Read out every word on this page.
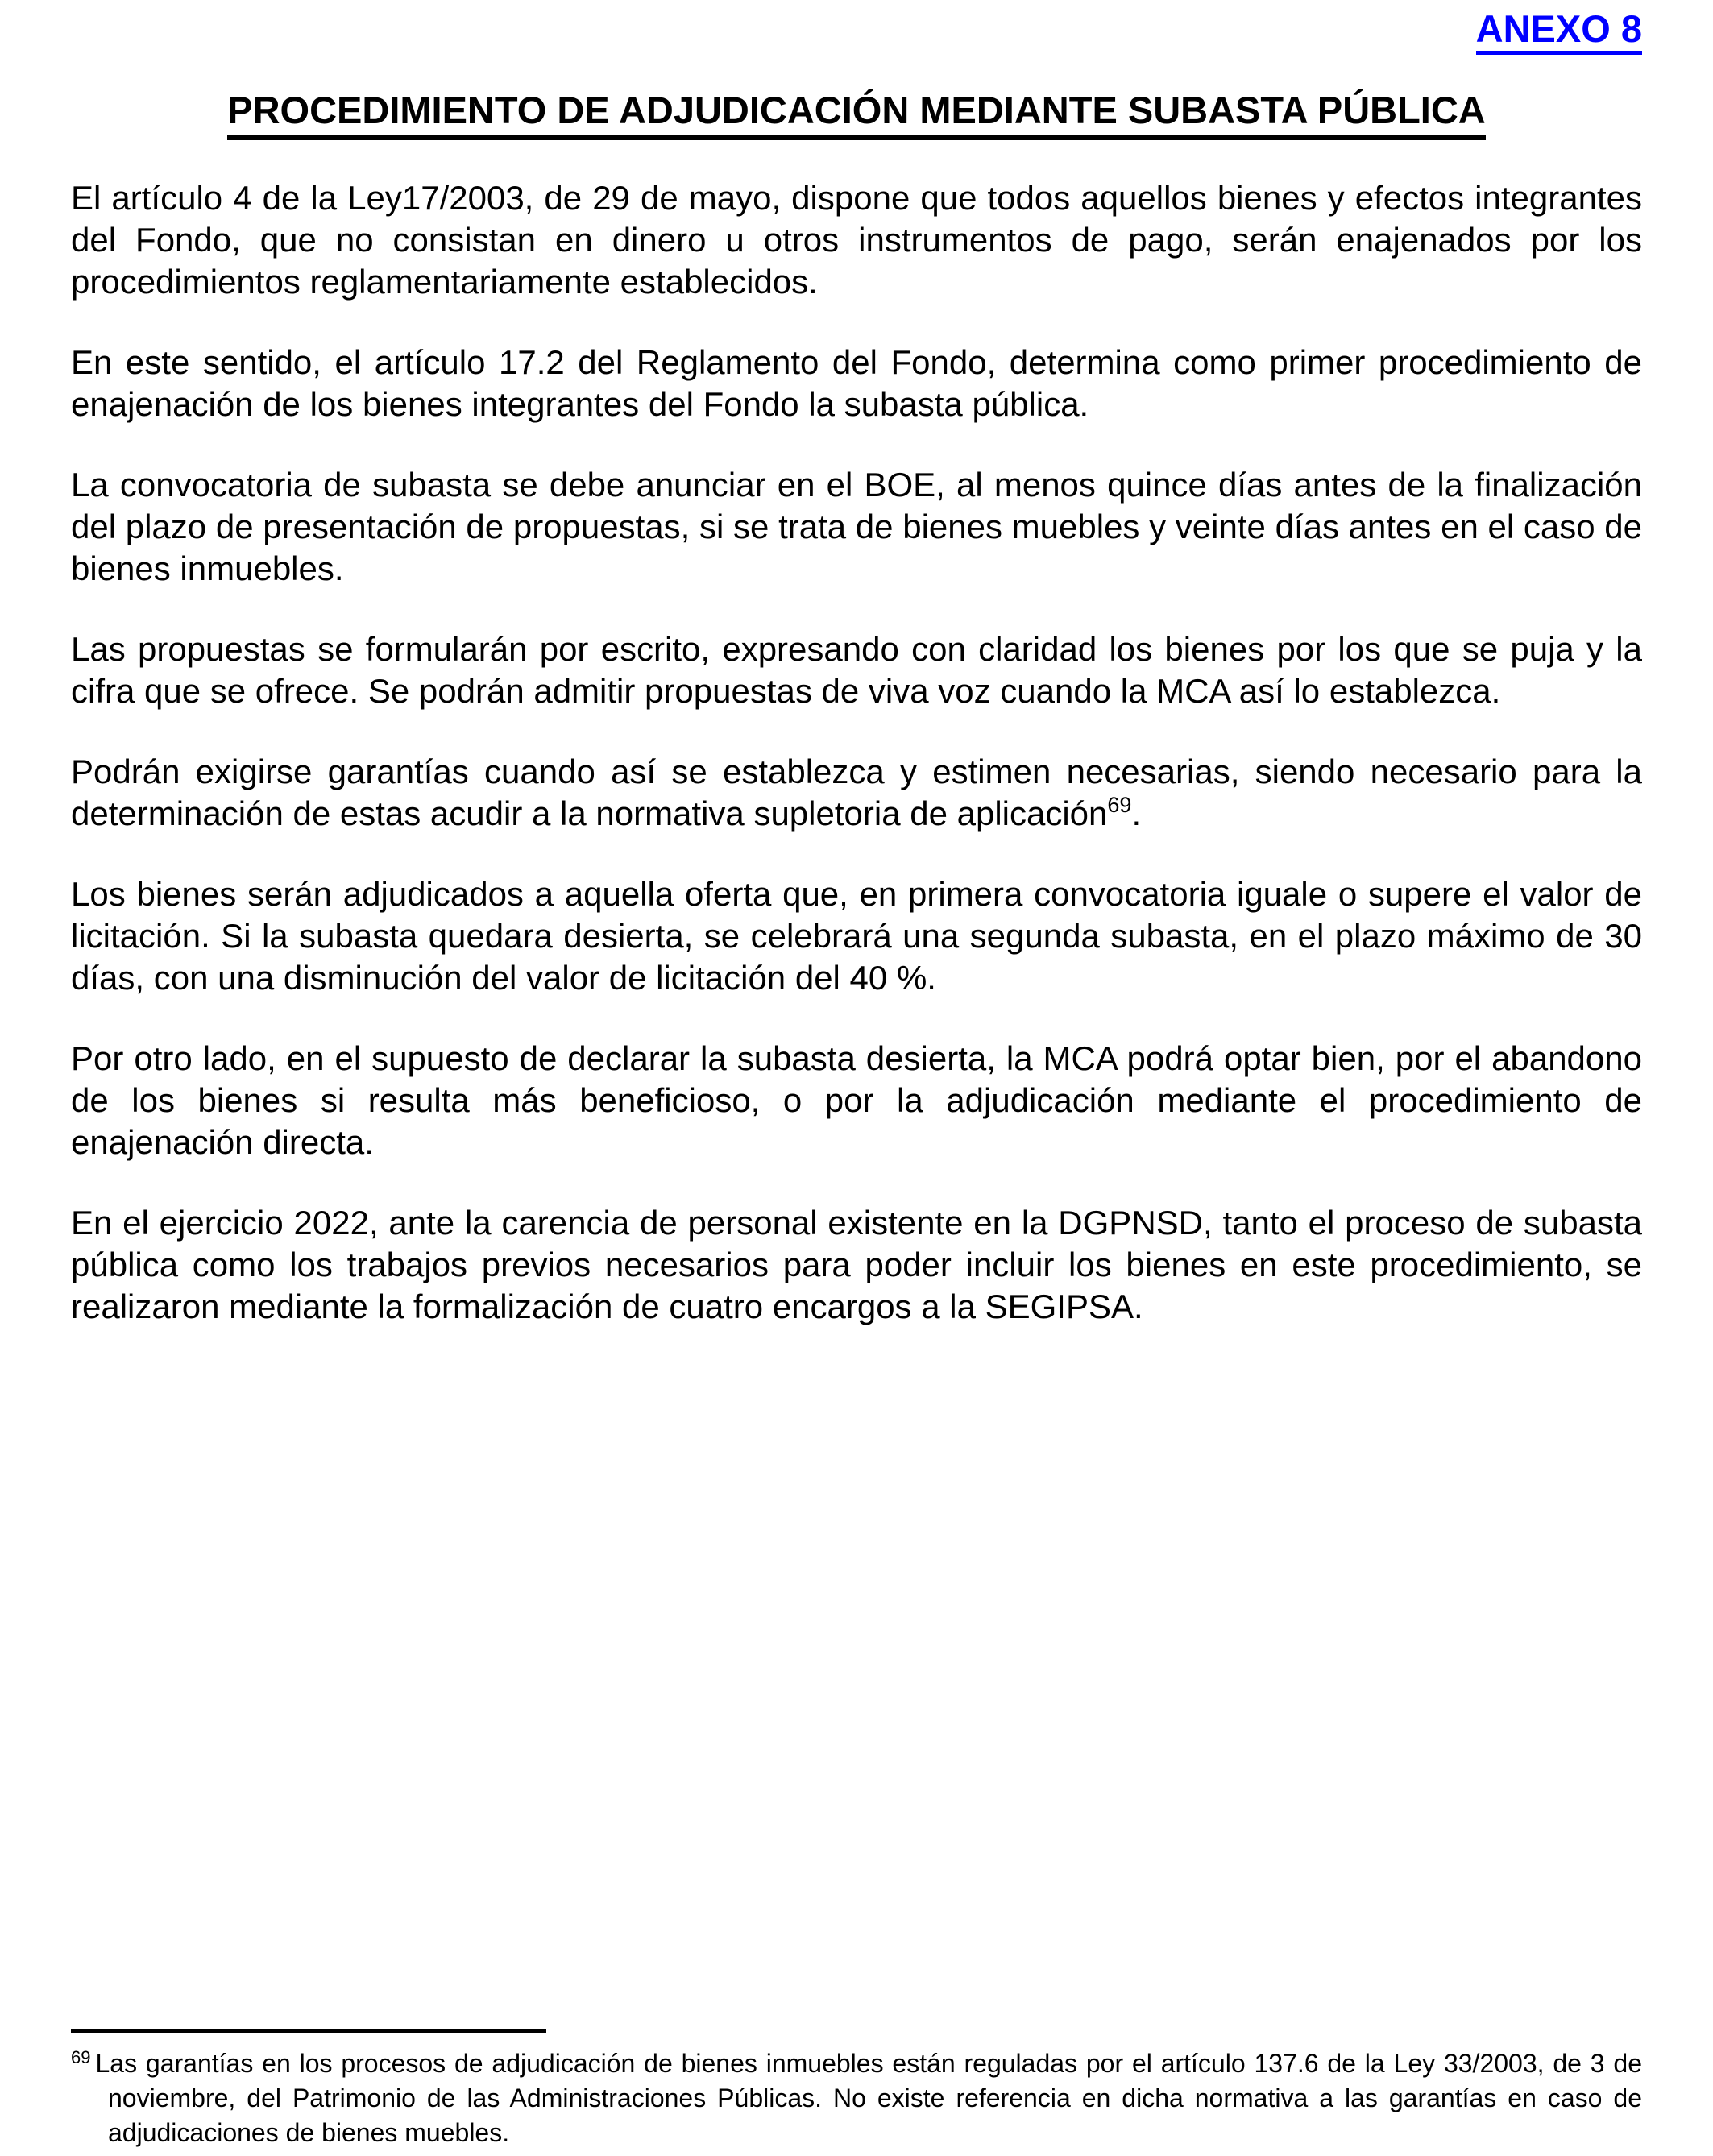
ANEXO 8
PROCEDIMIENTO DE ADJUDICACIÓN MEDIANTE SUBASTA PÚBLICA

El artículo 4 de la Ley17/2003, de 29 de mayo, dispone que todos aquellos bienes y efectos integrantes del Fondo, que no consistan en dinero u otros instrumentos de pago, serán enajenados por los procedimientos reglamentariamente establecidos.

En este sentido, el artículo 17.2 del Reglamento del Fondo, determina como primer procedimiento de enajenación de los bienes integrantes del Fondo la subasta pública.

La convocatoria de subasta se debe anunciar en el BOE, al menos quince días antes de la finalización del plazo de presentación de propuestas, si se trata de bienes muebles y veinte días antes en el caso de bienes inmuebles.

Las propuestas se formularán por escrito, expresando con claridad los bienes por los que se puja y la cifra que se ofrece. Se podrán admitir propuestas de viva voz cuando la MCA así lo establezca.

Podrán exigirse garantías cuando así se establezca y estimen necesarias, siendo necesario para la determinación de estas acudir a la normativa supletoria de aplicación$^{69}$.

Los bienes serán adjudicados a aquella oferta que, en primera convocatoria iguale o supere el valor de licitación. Si la subasta quedara desierta, se celebrará una segunda subasta, en el plazo máximo de 30 días, con una disminución del valor de licitación del 40 %.

Por otro lado, en el supuesto de declarar la subasta desierta, la MCA podrá optar bien, por el abandono de los bienes si resulta más beneficioso, o por la adjudicación mediante el procedimiento de enajenación directa.

En el ejercicio 2022, ante la carencia de personal existente en la DGPNSD, tanto el proceso de subasta pública como los trabajos previos necesarios para poder incluir los bienes en este procedimiento, se realizaron mediante la formalización de cuatro encargos a la SEGIPSA.

$^{69}$ Las garantías en los procesos de adjudicación de bienes inmuebles están reguladas por el artículo 137.6 de la Ley 33/2003, de 3 de noviembre, del Patrimonio de las Administraciones Públicas. No existe referencia en dicha normativa a las garantías en caso de adjudicaciones de bienes muebles.
